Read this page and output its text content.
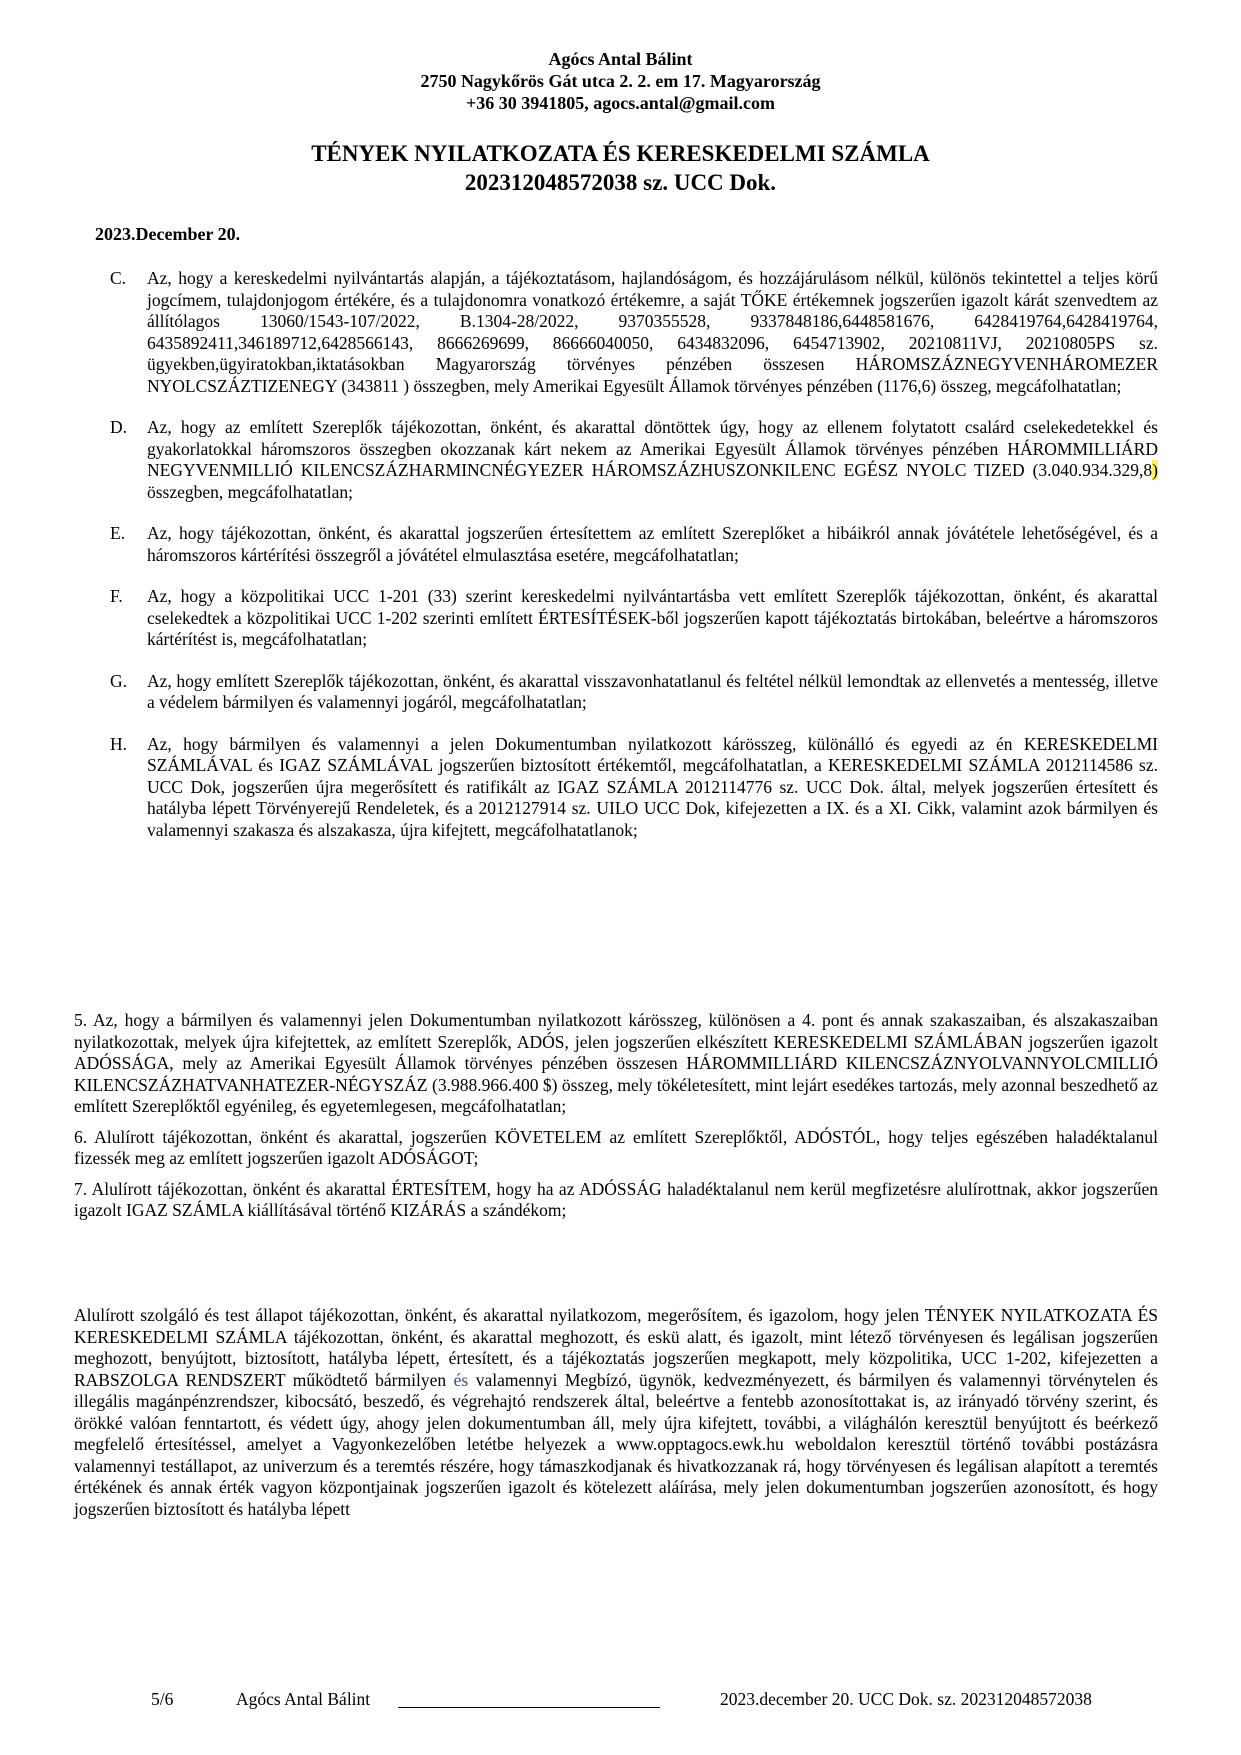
Agócs Antal Bálint
2750 Nagykőrös Gát utca 2. 2. em 17. Magyarország
+36 30 3941805, agocs.antal@gmail.com
TÉNYEK NYILATKOZATA ÉS KERESKEDELMI SZÁMLA
202312048572038 sz. UCC Dok.
2023.December 20.
C.	Az, hogy a kereskedelmi nyilvántartás alapján, a tájékoztatásom, hajlandóságom, és hozzájárulásom nélkül, különös tekintettel a teljes körű jogcímem, tulajdonjogom értékére, és a tulajdonomra vonatkozó értékemre, a saját TŐKE értékemnek jogszerűen igazolt kárát szenvedtem az állítólagos 13060/1543-107/2022, B.1304-28/2022, 9370355528, 9337848186,6448581676, 6428419764,6428419764, 6435892411,346189712,6428566143, 8666269699, 86666040050, 6434832096, 6454713902, 20210811VJ, 20210805PS sz. ügyekben,ügyiratokban,iktatásokban Magyarország törvényes pénzében összesen HÁROMSZÁZNEGYVENHÁROMEZER NYOLCSZÁZTIZENEGY (343811 ) összegben, mely Amerikai Egyesült Államok törvényes pénzében (1176,6) összeg, megcáfolhatatlan;
D.	Az, hogy az említett Szereplők tájékozottan, önként, és akarattal döntöttek úgy, hogy az ellenem folytatott csalárd cselekedetekkel és gyakorlatokkal háromszoros összegben okozzanak kárt nekem az Amerikai Egyesült Államok törvényes pénzében HÁROMMILLIÁRD NEGYVENMILLIÓ KILENCSZÁZHARMINCNÉGYEZER HÁROMSZÁZHUSZONKILENC EGÉSZ NYOLC TIZED (3.040.934.329,8) összegben, megcáfolhatatlan;
E.	Az, hogy tájékozottan, önként, és akarattal jogszerűen értesítettem az említett Szereplőket a hibáikról annak jóvátétele lehetőségével, és a háromszoros kártérítési összegről a jóvátétel elmulasztása esetére, megcáfolhatatlan;
F.	Az, hogy a közpolitikai UCC 1-201 (33) szerint kereskedelmi nyilvántartásba vett említett Szereplők tájékozottan, önként, és akarattal cselekedtek a közpolitikai UCC 1-202 szerinti említett ÉRTESÍTÉSEK-ből jogszerűen kapott tájékoztatás birtokában, beleértve a háromszoros kártérítést is, megcáfolhatatlan;
G.	Az, hogy említett Szereplők tájékozottan, önként, és akarattal visszavonhatatlanul és feltétel nélkül lemondtak az ellenvetés a mentesség, illetve a védelem bármilyen és valamennyi jogáról, megcáfolhatatlan;
H.	Az, hogy bármilyen és valamennyi a jelen Dokumentumban nyilatkozott kárösszeg, különálló és egyedi az én KERESKEDELMI SZÁMLÁVAL és IGAZ SZÁMLÁVAL jogszerűen biztosított értékemtől, megcáfolhatatlan, a KERESKEDELMI SZÁMLA 2012114586 sz. UCC Dok, jogszerűen újra megerősített és ratifikált az IGAZ SZÁMLA 2012114776 sz. UCC Dok. által, melyek jogszerűen értesített és hatályba lépett Törvényerejű Rendeletek, és a 2012127914 sz. UILO UCC Dok, kifejezetten a IX. és a XI. Cikk, valamint azok bármilyen és valamennyi szakasza és alszakasza, újra kifejtett, megcáfolhatatlanok;

5. Az, hogy a bármilyen és valamennyi jelen Dokumentumban nyilatkozott kárösszeg, különösen a 4. pont és annak szakaszaiban, és alszakaszaiban nyilatkozottak, melyek újra kifejtettek, az említett Szereplők, ADÓS, jelen jogszerűen elkészített KERESKEDELMI SZÁMLÁBAN jogszerűen igazolt ADÓSSÁGA, mely az Amerikai Egyesült Államok törvényes pénzében összesen HÁROMMILLIÁRD KILENCSZÁZNYOLVANNYOLCMILLIÓ KILENCSZÁZHATVANHATEZER-NÉGYSZÁZ (3.988.966.400 $) összeg, mely tökéletesített, mint lejárt esedékes tartozás, mely azonnal beszedhető az említett Szereplőktől egyénileg, és egyetemlegesen, megcáfolhatatlan;

6. Alulírott tájékozottan, önként és akarattal, jogszerűen KÖVETELEM az említett Szereplőktől, ADÓSTÓL, hogy teljes egészében haladéktalanul fizessék meg az említett jogszerűen igazolt ADÓSÁGOT;

7. Alulírott tájékozottan, önként és akarattal ÉRTESÍTEM, hogy ha az ADÓSSÁG haladéktalanul nem kerül megfizetésre alulírottnak, akkor jogszerűen igazolt IGAZ SZÁMLA kiállításával történő KIZÁRÁS a szándékom;

Alulírott szolgáló és test állapot tájékozottan, önként, és akarattal nyilatkozom, megerősítem, és igazolom, hogy jelen TÉNYEK NYILATKOZATA ÉS KERESKEDELMI SZÁMLA tájékozottan, önként, és akarattal meghozott, és eskü alatt, és igazolt, mint létező törvényesen és legálisan jogszerűen meghozott, benyújtott, biztosított, hatályba lépett, értesített, és a tájékoztatás jogszerűen megkapott, mely közpolitika, UCC 1-202, kifejezetten a RABSZOLGA RENDSZERT működtető bármilyen és valamennyi Megbízó, ügynök, kedvezményezett, és bármilyen és valamennyi törvénytelen és illegális magánpénzrendszer, kibocsátó, beszedő, és végrehajtó rendszerek által, beleértve a fentebb azonosítottakat is, az irányadó törvény szerint, és örökké valóan fenntartott, és védett úgy, ahogy jelen dokumentumban áll, mely újra kifejtett, további, a világhálón keresztül benyújtott és beérkező megfelelő értesítéssel, amelyet a Vagyonkezelőben letétbe helyezek a www.opptagocs.ewk.hu weboldalon keresztül történő további postázásra valamennyi testállapot, az univerzum és a teremtés részére, hogy támaszkodjanak és hivatkozzanak rá, hogy törvényesen és legálisan alapított a teremtés értékének és annak érték vagyon központjainak jogszerűen igazolt és kötelezett aláírása, mely jelen dokumentumban jogszerűen azonosított, és hogy jogszerűen biztosított és hatályba lépett
5/6	Agócs Antal Bálint	2023.december 20. UCC Dok. sz. 202312048572038
